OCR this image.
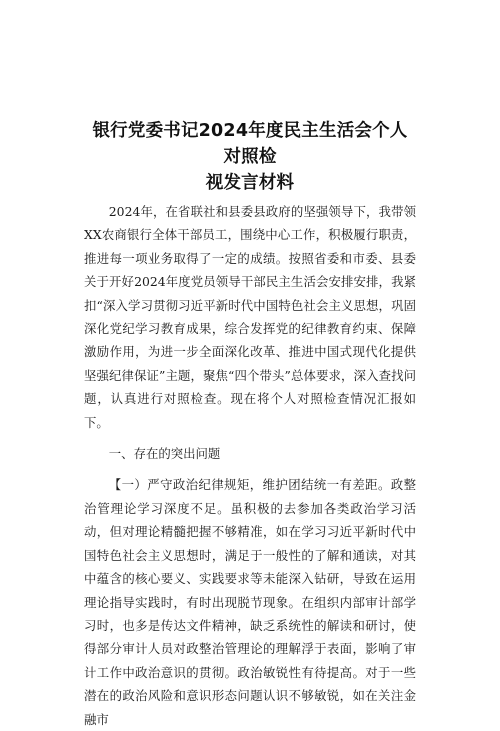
银行党委书记2024年度民主生活会个人对照检
视发言材料

2024年，在省联社和县委县政府的坚强领导下，我带领XX农商银行全体干部员工，围绕中心工作，积极履行职责，推进每一项业务取得了一定的成绩。按照省委和市委、县委关于开好2024年度党员领导干部民主生活会安排安排，我紧扣“深入学习贯彻习近平新时代中国特色社会主义思想，巩固深化党纪学习教育成果，综合发挥党的纪律教育约束、保障激励作用，为进一步全面深化改革、推进中国式现代化提供坚强纪律保证”主题，聚焦“四个带头”总体要求，深入查找问题，认真进行对照检查。现在将个人对照检查情况汇报如下。

一、存在的突出问题

【一）严守政治纪律规矩，维护团结统一有差距。政整治管理论学习深度不足。虽积极的去参加各类政治学习活动，但对理论精髓把握不够精准，如在学习习近平新时代中国特色社会主义思想时，满足于一般性的了解和通读，对其中蕴含的核心要义、实践要求等未能深入钻研，导致在运用理论指导实践时，有时出现脱节现象。在组织内部审计部学习时，也多是传达文件精神，缺乏系统性的解读和研讨，使得部分审计人员对政整治管理论的理解浮于表面，影响了审计工作中政治意识的贯彻。政治敏锐性有待提高。对于一些潜在的政治风险和意识形态问题认识不够敏锐，如在关注金融市
